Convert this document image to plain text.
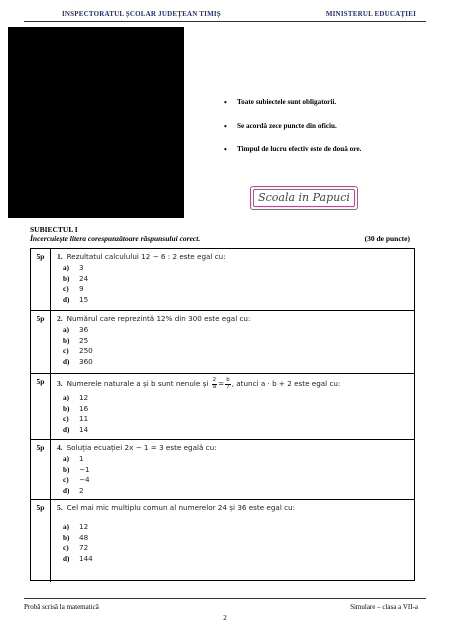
INSPECTORATUL ȘCOLAR JUDEȚEAN TIMIȘ	MINISTERUL EDUCAȚIEI
• Toate subiectele sunt obligatorii.
• Se acordă zece puncte din oficiu.
• Timpul de lucru efectiv este de două ore.
Scoala in Papuci
SUBIECTUL I
Încercuiește litera corespunzătoare răspunsului corect.	(30 de puncte)
5p	1. Rezultatul calculului 12 − 6 : 2 este egal cu:
a) 3
b) 24
c) 9
d) 15
5p	2. Numărul care reprezintă 12% din 300 este egal cu:
a) 36
b) 25
c) 250
d) 360
5p	3. Numerele naturale a și b sunt nenule și $\frac{2}{a} = \frac{b}{7}$ , atunci a · b + 2 este egal cu:
a) 12
b) 16
c) 11
d) 14
5p	4. Soluția ecuației 2x − 1 = 3 este egală cu:
a) 1
b) −1
c) −4
d) 2
5p	5. Cel mai mic multiplu comun al numerelor 24 și 36 este egal cu:
a) 12
b) 48
c) 72
d) 144
Probă scrisă la matematică	Simulare – clasa a VII-a
2
